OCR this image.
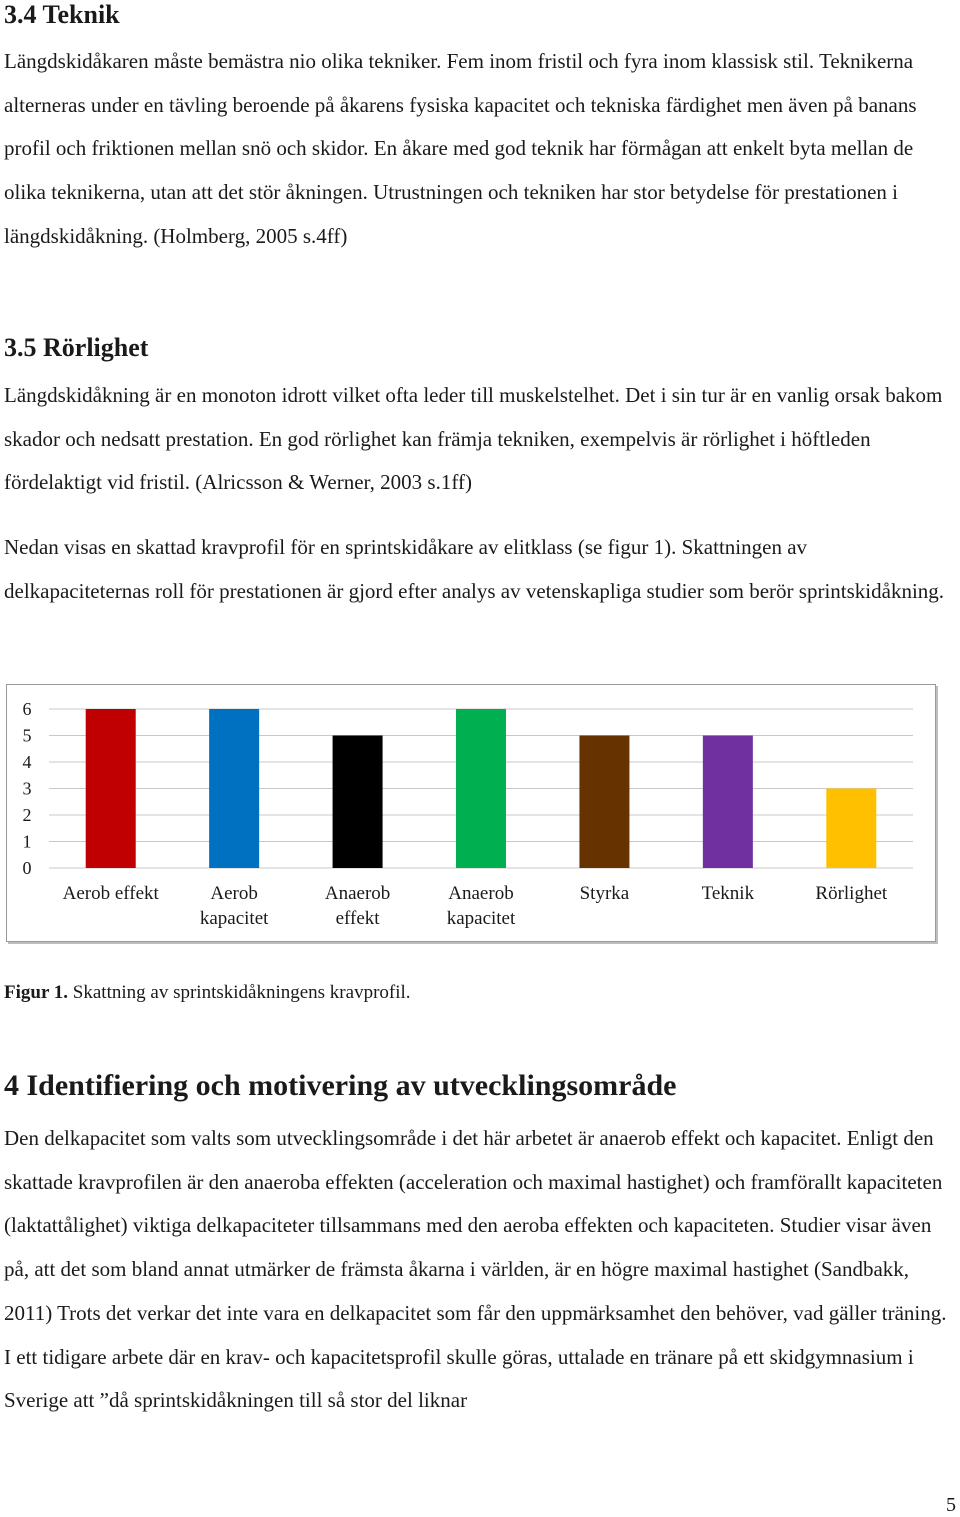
3.4 Teknik

Längdskidåkaren måste bemästra nio olika tekniker. Fem inom fristil och fyra inom klassisk stil. Teknikerna alterneras under en tävling beroende på åkarens fysiska kapacitet och tekniska färdighet men även på banans profil och friktionen mellan snö och skidor. En åkare med god teknik har förmågan att enkelt byta mellan de olika teknikerna, utan att det stör åkningen. Utrustningen och tekniken har stor betydelse för prestationen i längdskidåkning. (Holmberg, 2005 s.4ff)

3.5 Rörlighet

Längdskidåkning är en monoton idrott vilket ofta leder till muskelstelhet. Det i sin tur är en vanlig orsak bakom skador och nedsatt prestation. En god rörlighet kan främja tekniken, exempelvis är rörlighet i höftleden fördelaktigt vid fristil. (Alricsson & Werner, 2003 s.1ff)

Nedan visas en skattad kravprofil för en sprintskidåkare av elitklass (se figur 1). Skattningen av delkapaciteternas roll för prestationen är gjord efter analys av vetenskapliga studier som berör sprintskidåkning.

0
1
2
3
4
5
6
Aerob effekt	Aerob
kapacitet
Anaerob
effekt
Anaerob
kapacitet
Styrka	Teknik	Rörlighet

Figur 1. Skattning av sprintskidåkningens kravprofil.

4 Identifiering och motivering av utvecklingsområde

Den delkapacitet som valts som utvecklingsområde i det här arbetet är anaerob effekt och kapacitet. Enligt den skattade kravprofilen är den anaeroba effekten (acceleration och maximal hastighet) och framförallt kapaciteten (laktattålighet) viktiga delkapaciteter tillsammans med den aeroba effekten och kapaciteten. Studier visar även på, att det som bland annat utmärker de främsta åkarna i världen, är en högre maximal hastighet (Sandbakk, 2011) Trots det verkar det inte vara en delkapacitet som får den uppmärksamhet den behöver, vad gäller träning. I ett tidigare arbete där en krav- och kapacitetsprofil skulle göras, uttalade en tränare på ett skidgymnasium i Sverige att ”då sprintskidåkningen till så stor del liknar

5
